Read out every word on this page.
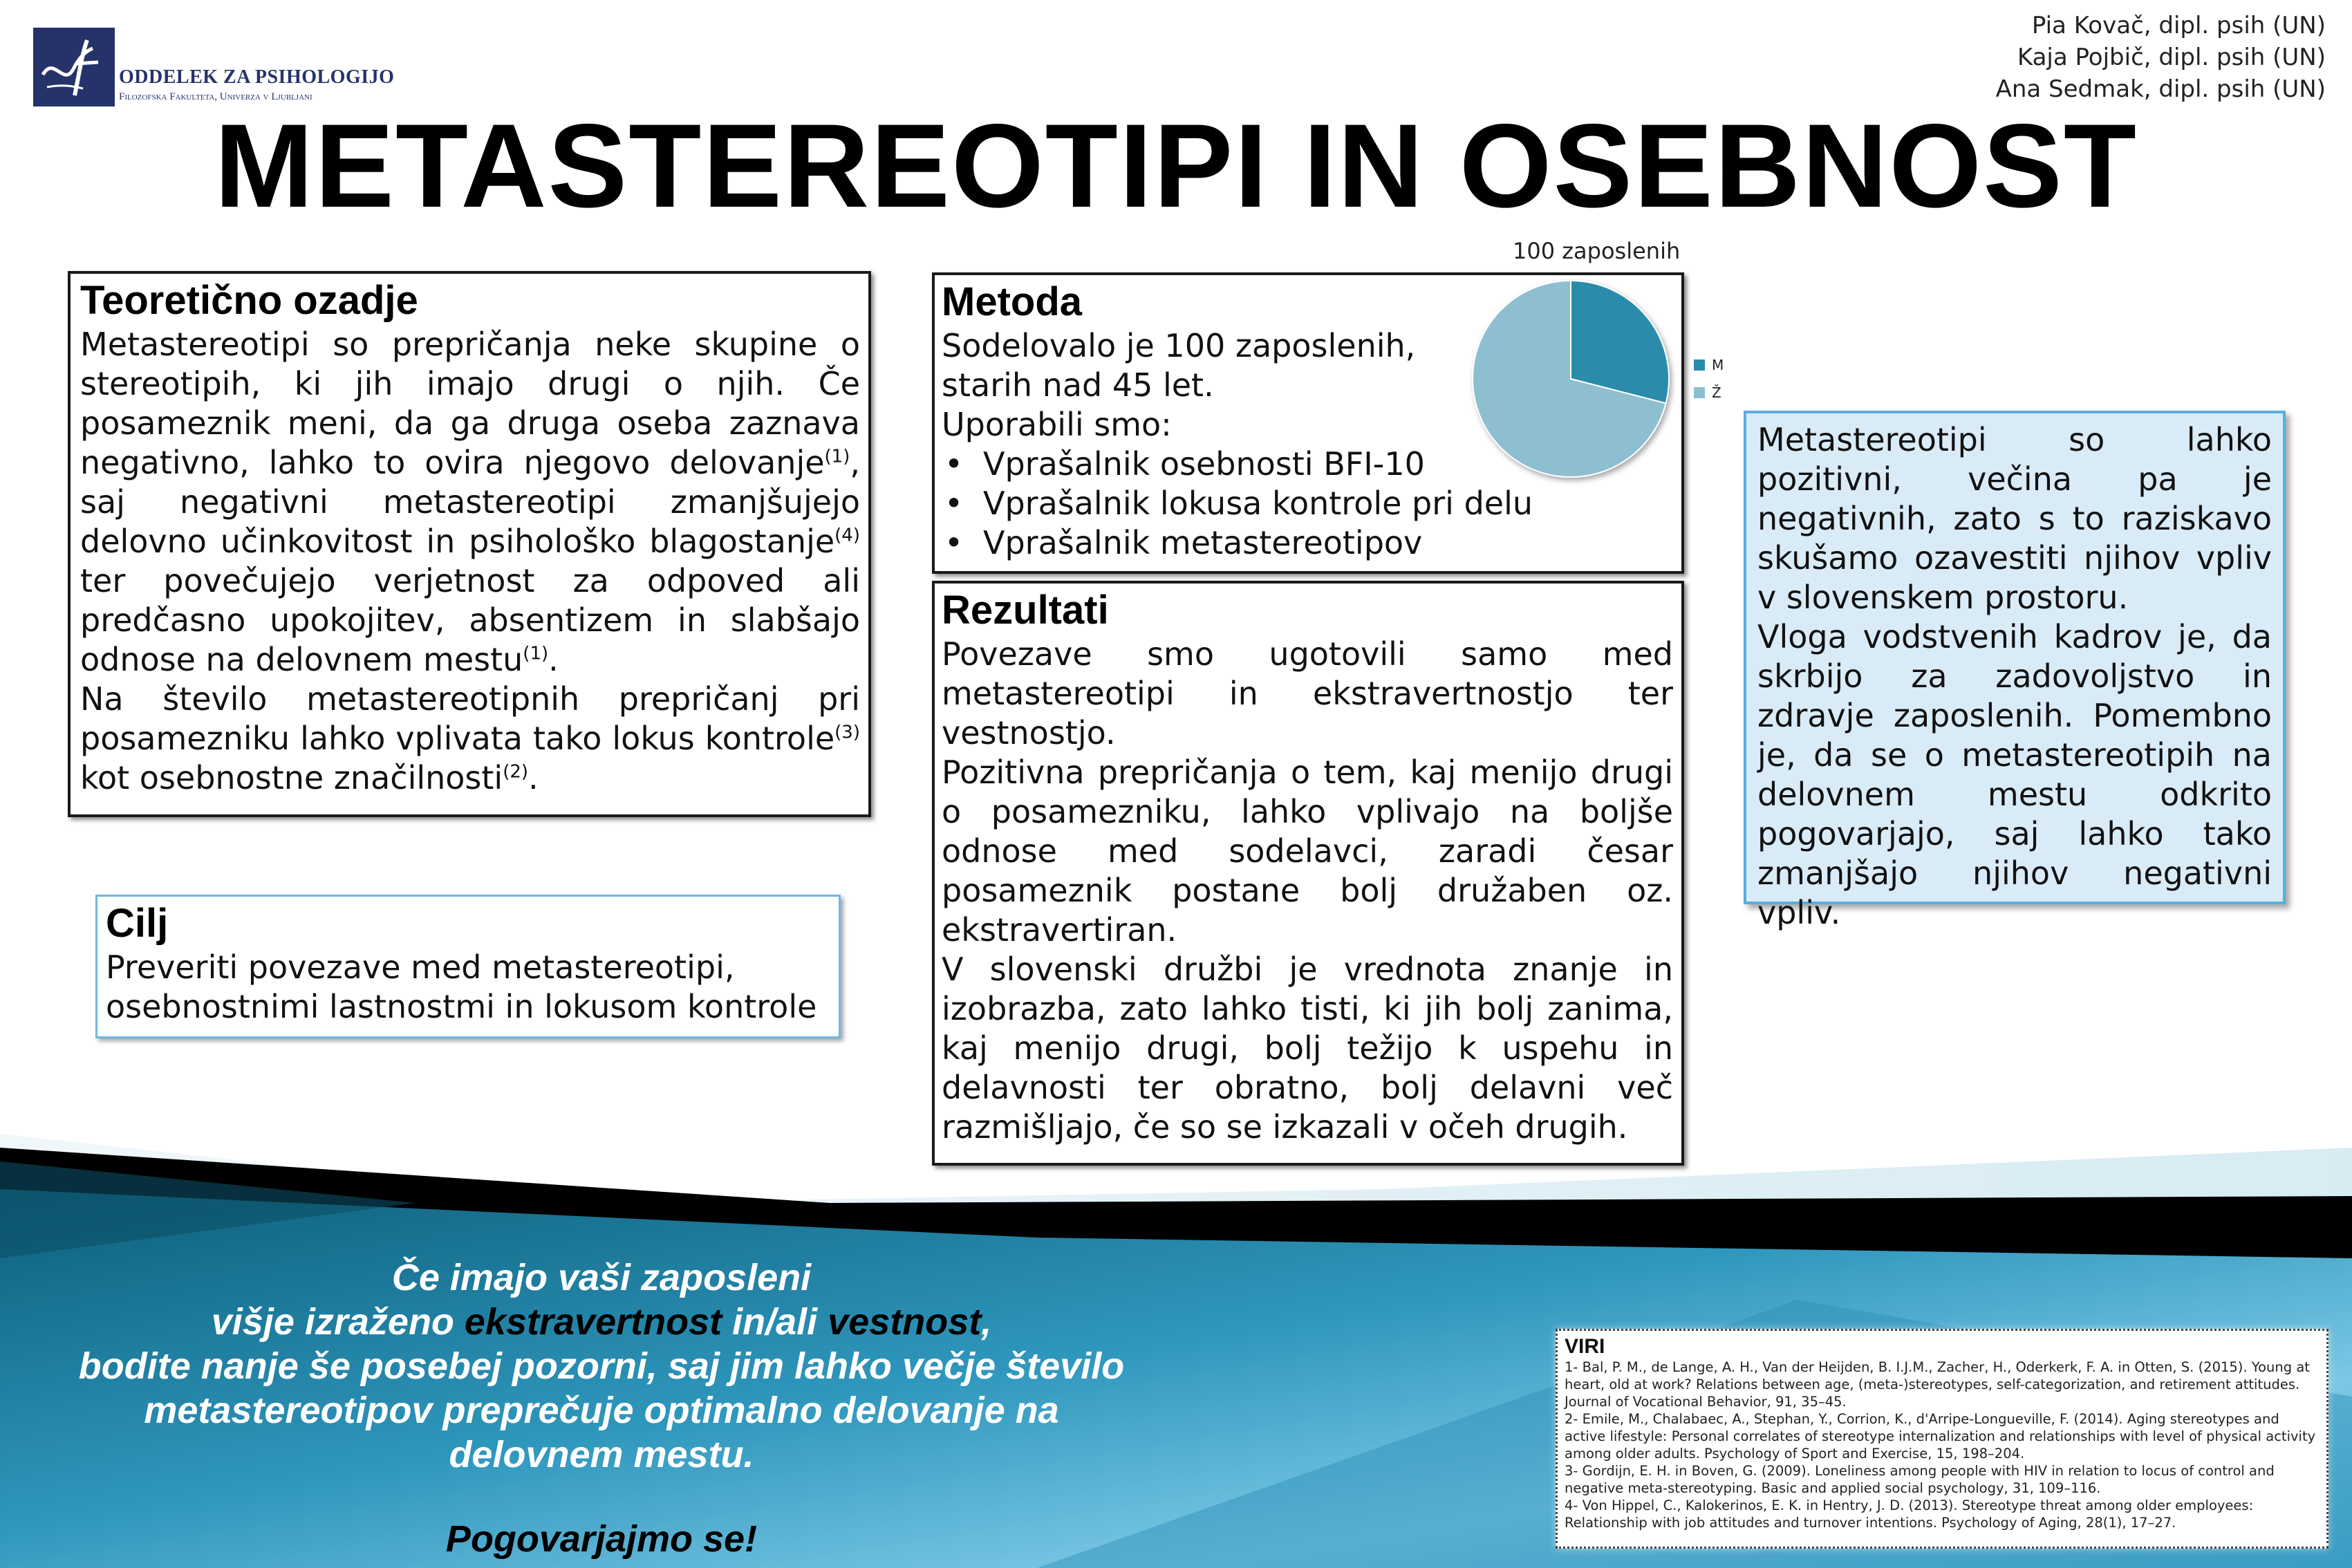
ODDELEK ZA PSIHOLOGIJO
Filozofska Fakulteta, Univerza v Ljubljani
Pia Kovač, dipl. psih (UN)
Kaja Pojbič, dipl. psih (UN)
Ana Sedmak, dipl. psih (UN)
METASTEREOTIPI IN OSEBNOST
Teoretično ozadje

Metastereotipi so prepričanja neke skupine o stereotipih, ki jih imajo drugi o njih. Če posameznik meni, da ga druga oseba zaznava negativno, lahko to ovira njegovo delovanje$^{(1)}$, saj negativni metastereotipi zmanjšujejo delovno učinkovitost in psihološko blagostanje$^{(4)}$ ter povečujejo verjetnost za odpoved ali predčasno upokojitev, absentizem in slabšajo odnose na delovnem mestu$^{(1)}$.

Na število metastereotipnih prepričanj pri posamezniku lahko vplivata tako lokus kontrole$^{(3)}$ kot osebnostne značilnosti$^{(2)}$.

Cilj
Preveriti povezave med metastereotipi,
osebnostnimi lastnostmi in lokusom kontrole
Metoda
Sodelovalo je 100 zaposlenih,
starih nad 45 let.
Uporabili smo:
• Vprašalnik osebnosti BFI-10
• Vprašalnik lokusa kontrole pri delu
• Vprašalnik metastereotipov
100 zaposlenih
M
Ž
Rezultati

Povezave smo ugotovili samo med metastereotipi in ekstravertnostjo ter vestnostjo.

Pozitivna prepričanja o tem, kaj menijo drugi o posamezniku, lahko vplivajo na boljše odnose med sodelavci, zaradi česar posameznik postane bolj družaben oz. ekstravertiran.

V slovenski družbi je vrednota znanje in izobrazba, zato lahko tisti, ki jih bolj zanima, kaj menijo drugi, bolj težijo k uspehu in delavnosti ter obratno, bolj delavni več razmišljajo, če so se izkazali v očeh drugih.

Metastereotipi so lahko pozitivni, večina pa je negativnih, zato s to raziskavo skušamo ozavestiti njihov vpliv v slovenskem prostoru.

Vloga vodstvenih kadrov je, da skrbijo za zadovoljstvo in zdravje zaposlenih. Pomembno je, da se o metastereotipih na delovnem mestu odkrito pogovarjajo, saj lahko tako zmanjšajo njihov negativni vpliv.

Če imajo vaši zaposleni
višje izraženo ekstravertnost in/ali vestnost,
bodite nanje še posebej pozorni, saj jim lahko večje število
metastereotipov preprečuje optimalno delovanje na delovnem mestu.
Pogovarjajmo se!
VIRI

1- Bal, P. M., de Lange, A. H., Van der Heijden, B. I.J.M., Zacher, H., Oderkerk, F. A. in Otten, S. (2015). Young at heart, old at work? Relations between age, (meta-)stereotypes, self-categorization, and retirement attitudes. Journal of Vocational Behavior, 91, 35–45.

2- Emile, M., Chalabaec, A., Stephan, Y., Corrion, K., d'Arripe-Longueville, F. (2014). Aging stereotypes and active lifestyle: Personal correlates of stereotype internalization and relationships with level of physical activity among older adults. Psychology of Sport and Exercise, 15, 198–204.

3- Gordijn, E. H. in Boven, G. (2009). Loneliness among people with HIV in relation to locus of control and negative meta-stereotyping. Basic and applied social psychology, 31, 109–116.

4- Von Hippel, C., Kalokerinos, E. K. in Hentry, J. D. (2013). Stereotype threat among older employees: Relationship with job attitudes and turnover intentions. Psychology of Aging, 28(1), 17–27.
